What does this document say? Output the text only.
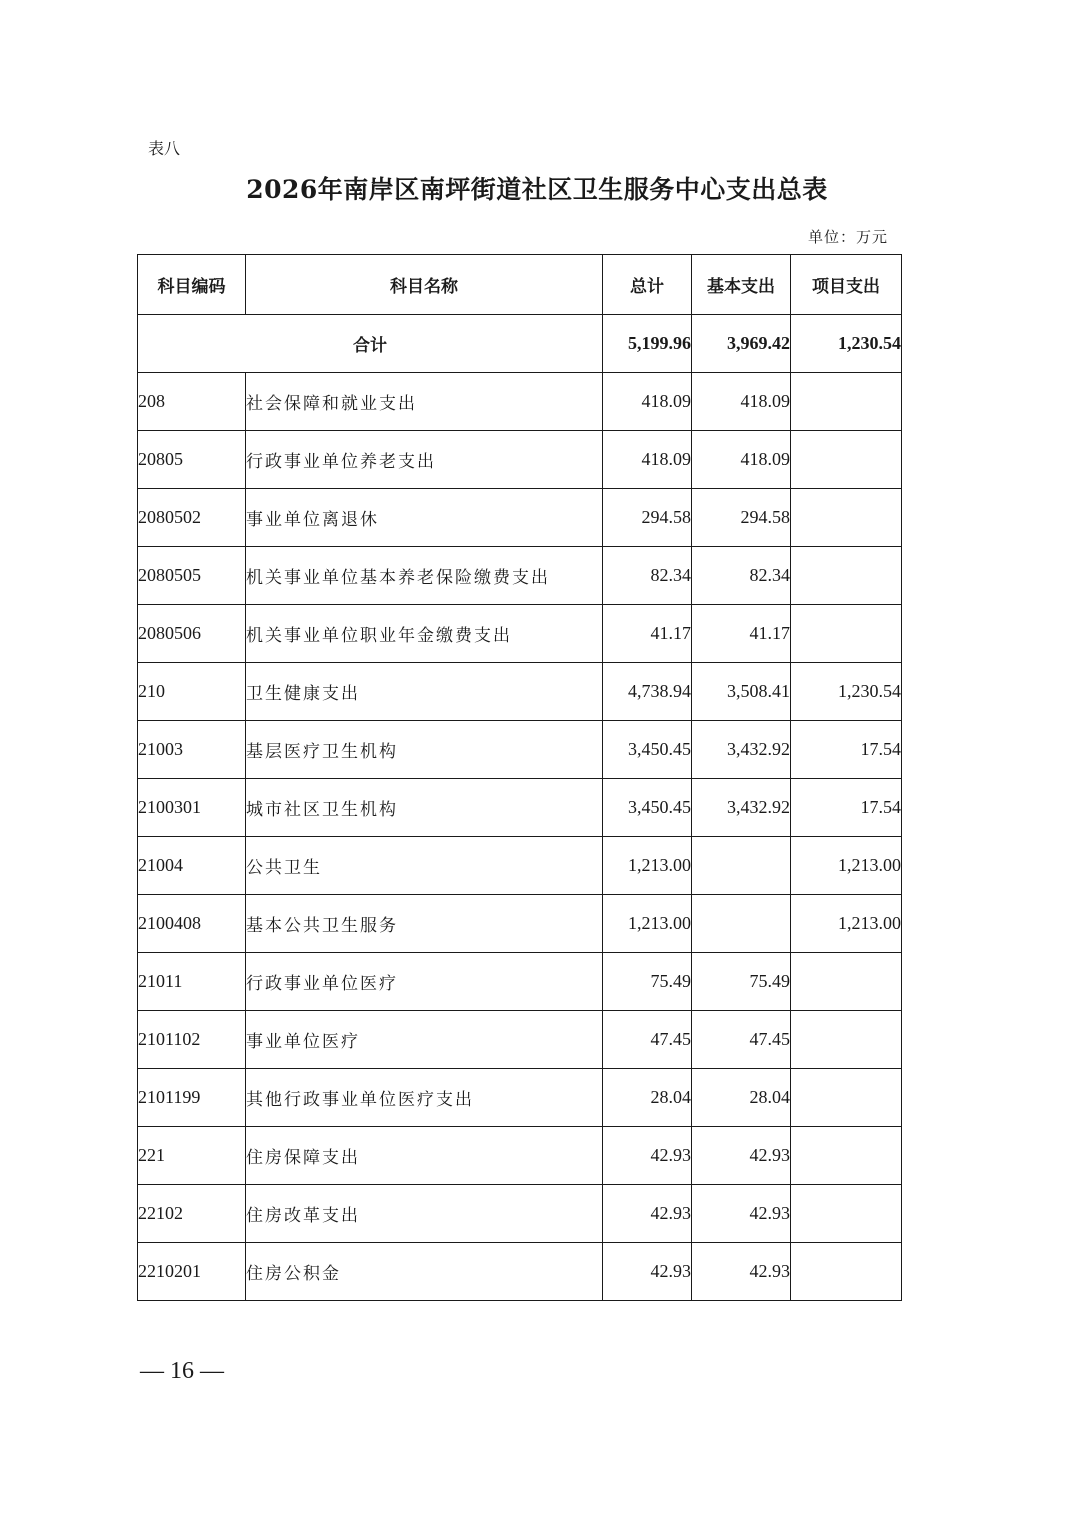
表八
2026年南岸区南坪街道社区卫生服务中心支出总表
单位：万元
科目编码	科目名称	总计	基本支出	项目支出
合计		5,199.96	3,969.42	1,230.54
208	社会保障和就业支出	418.09	418.09	
20805	行政事业单位养老支出	418.09	418.09	
2080502	事业单位离退休	294.58	294.58	
2080505	机关事业单位基本养老保险缴费支出	82.34	82.34	
2080506	机关事业单位职业年金缴费支出	41.17	41.17	
210	卫生健康支出	4,738.94	3,508.41	1,230.54
21003	基层医疗卫生机构	3,450.45	3,432.92	17.54
2100301	城市社区卫生机构	3,450.45	3,432.92	17.54
21004	公共卫生	1,213.00		1,213.00
2100408	基本公共卫生服务	1,213.00		1,213.00
21011	行政事业单位医疗	75.49	75.49	
2101102	事业单位医疗	47.45	47.45	
2101199	其他行政事业单位医疗支出	28.04	28.04	
221	住房保障支出	42.93	42.93	
22102	住房改革支出	42.93	42.93	
2210201	住房公积金	42.93	42.93	
— 16 —
